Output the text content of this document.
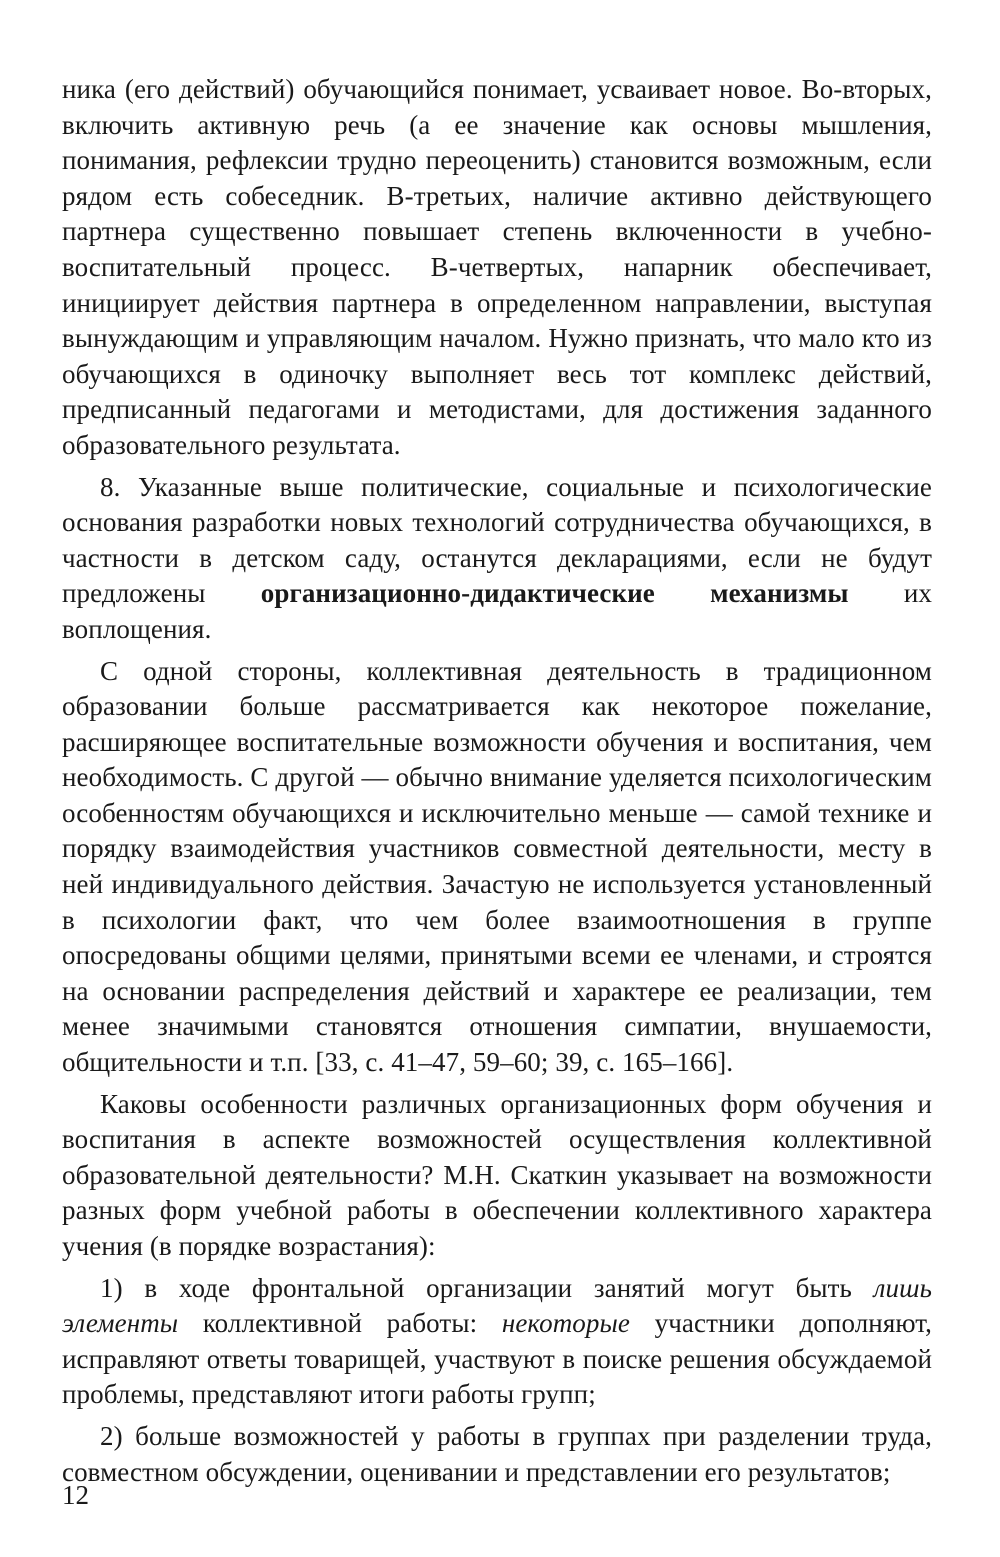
ника (его действий) обучающийся понимает, усваивает новое. Во-вторых, включить активную речь (а ее значение как основы мышления, понимания, рефлексии трудно переоценить) становится возможным, если рядом есть собеседник. В-третьих, наличие активно действующего партнера существенно повышает степень включенности в учебно-воспитательный процесс. В-четвертых, напарник обеспечивает, инициирует действия партнера в определенном направлении, выступая вынуждающим и управляющим началом. Нужно признать, что мало кто из обучающихся в одиночку выполняет весь тот комплекс действий, предписанный педагогами и методистами, для достижения заданного образовательного результата.

8. Указанные выше политические, социальные и психологические основания разработки новых технологий сотрудничества обучающихся, в частности в детском саду, останутся декларациями, если не будут предложены организационно-дидактические механизмы их воплощения.

С одной стороны, коллективная деятельность в традиционном образовании больше рассматривается как некоторое пожелание, расширяющее воспитательные возможности обучения и воспитания, чем необходимость. С другой — обычно внимание уделяется психологическим особенностям обучающихся и исключительно меньше — самой технике и порядку взаимодействия участников совместной деятельности, месту в ней индивидуального действия. Зачастую не используется установленный в психологии факт, что чем более взаимоотношения в группе опосредованы общими целями, принятыми всеми ее членами, и строятся на основании распределения действий и характере ее реализации, тем менее значимыми становятся отношения симпатии, внушаемости, общительности и т.п. [33, с. 41–47, 59–60; 39, с. 165–166].

Каковы особенности различных организационных форм обучения и воспитания в аспекте возможностей осуществления коллективной образовательной деятельности? М.Н. Скаткин указывает на возможности разных форм учебной работы в обеспечении коллективного характера учения (в порядке возрастания):

1) в ходе фронтальной организации занятий могут быть лишь элементы коллективной работы: некоторые участники дополняют, исправляют ответы товарищей, участвуют в поиске решения обсуждаемой проблемы, представляют итоги работы групп;

2) больше возможностей у работы в группах при разделении труда, совместном обсуждении, оценивании и представлении его результатов;

12
